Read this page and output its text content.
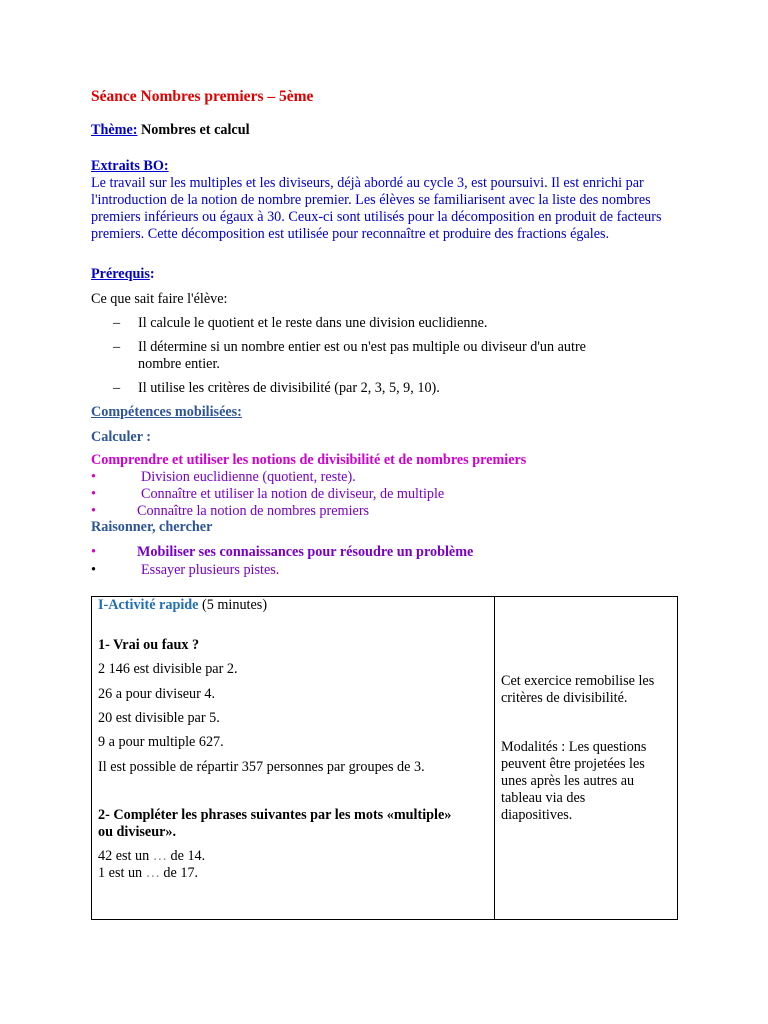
Séance Nombres premiers – 5ème
Thème: Nombres et calcul
Extraits BO:
Le travail sur les multiples et les diviseurs, déjà abordé au cycle 3, est poursuivi. Il est enrichi par l'introduction de la notion de nombre premier. Les élèves se familiarisent avec la liste des nombres premiers inférieurs ou égaux à 30. Ceux-ci sont utilisés pour la décomposition en produit de facteurs premiers. Cette décomposition est utilisée pour reconnaître et produire des fractions égales.
Prérequis:
Ce que sait faire l'élève:
– Il calcule le quotient et le reste dans une division euclidienne.
– Il détermine si un nombre entier est ou n'est pas multiple ou diviseur d'un autre
nombre entier.
– Il utilise les critères de divisibilité (par 2, 3, 5, 9, 10).
Compétences mobilisées:
Calculer :
Comprendre et utiliser les notions de divisibilité et de nombres premiers
•	Division euclidienne (quotient, reste).
•	Connaître et utiliser la notion de diviseur, de multiple
•	Connaître la notion de nombres premiers
Raisonner, chercher
•	Mobiliser ses connaissances pour résoudre un problème
•	Essayer plusieurs pistes.
I-Activité rapide (5 minutes)
1- Vrai ou faux ?
2 146 est divisible par 2.
26 a pour diviseur 4.
20 est divisible par 5.
9 a pour multiple 627.
Il est possible de répartir 357 personnes par groupes de 3.
2- Compléter les phrases suivantes par les mots «multiple»
ou diviseur».
42 est un … de 14.
1 est un … de 17.

Cet exercice remobilise les
critères de divisibilité.
Modalités : Les questions
peuvent être projetées les
unes après les autres au
tableau via des
diapositives.
